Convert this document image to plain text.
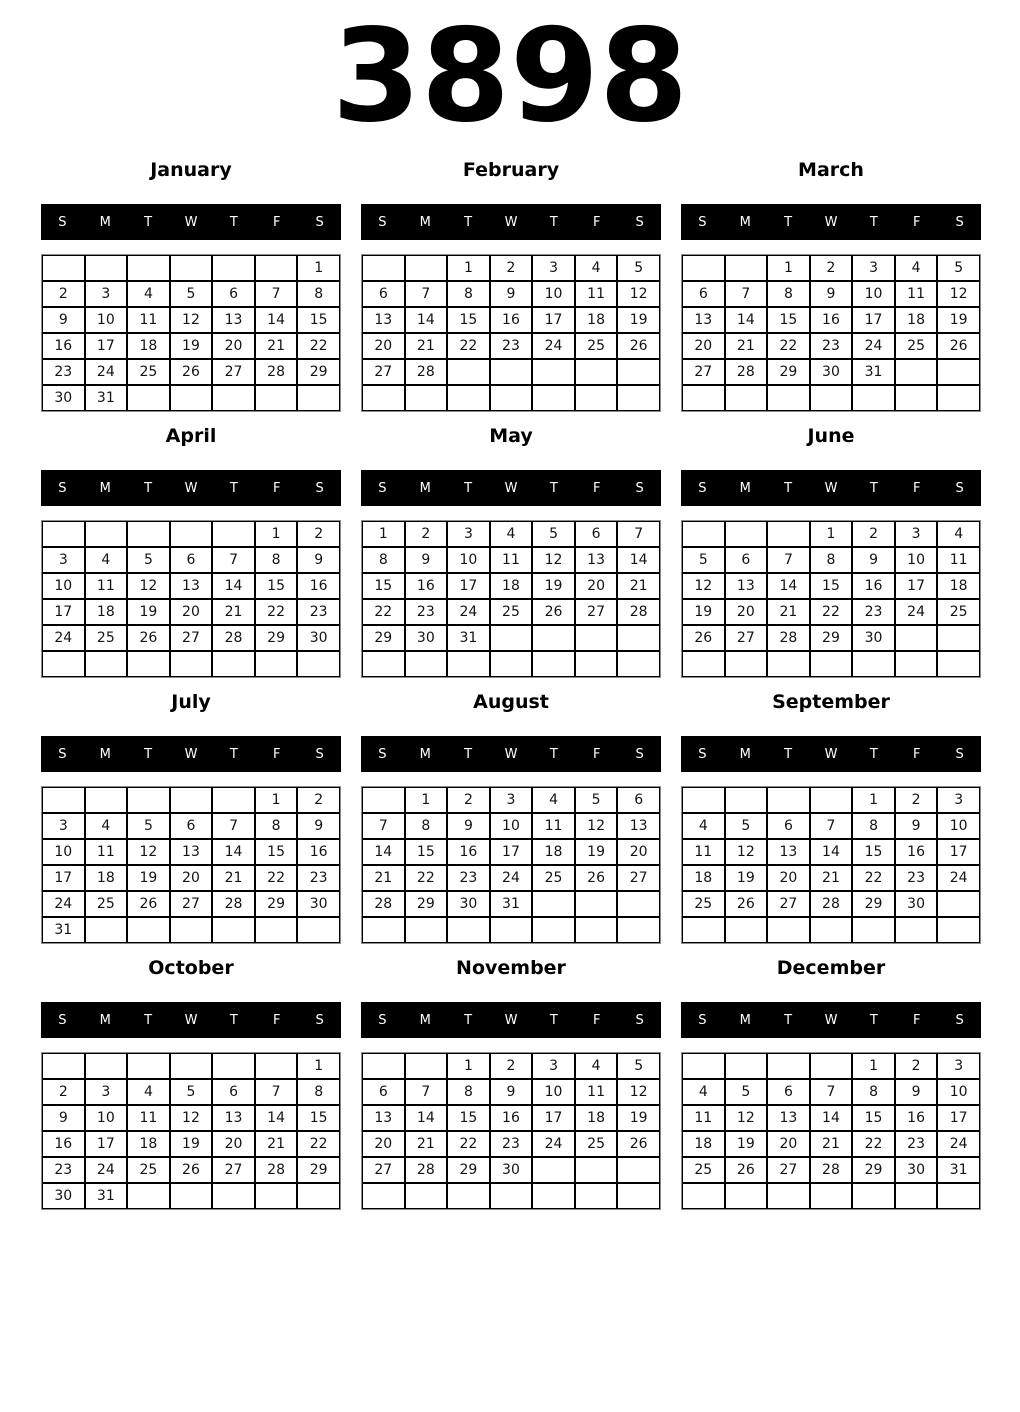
3898
January
S	M	T	W	T	F	S
						1
2	3	4	5	6	7	8
9	10	11	12	13	14	15
16	17	18	19	20	21	22
23	24	25	26	27	28	29
30	31					
February
S	M	T	W	T	F	S
		1	2	3	4	5
6	7	8	9	10	11	12
13	14	15	16	17	18	19
20	21	22	23	24	25	26
27	28					

March
S	M	T	W	T	F	S
		1	2	3	4	5
6	7	8	9	10	11	12
13	14	15	16	17	18	19
20	21	22	23	24	25	26
27	28	29	30	31		

April
S	M	T	W	T	F	S
					1	2
3	4	5	6	7	8	9
10	11	12	13	14	15	16
17	18	19	20	21	22	23
24	25	26	27	28	29	30

May
S	M	T	W	T	F	S
1	2	3	4	5	6	7
8	9	10	11	12	13	14
15	16	17	18	19	20	21
22	23	24	25	26	27	28
29	30	31				

June
S	M	T	W	T	F	S
			1	2	3	4
5	6	7	8	9	10	11
12	13	14	15	16	17	18
19	20	21	22	23	24	25
26	27	28	29	30		

July
S	M	T	W	T	F	S
					1	2
3	4	5	6	7	8	9
10	11	12	13	14	15	16
17	18	19	20	21	22	23
24	25	26	27	28	29	30
31						
August
S	M	T	W	T	F	S
	1	2	3	4	5	6
7	8	9	10	11	12	13
14	15	16	17	18	19	20
21	22	23	24	25	26	27
28	29	30	31			

September
S	M	T	W	T	F	S
				1	2	3
4	5	6	7	8	9	10
11	12	13	14	15	16	17
18	19	20	21	22	23	24
25	26	27	28	29	30	

October
S	M	T	W	T	F	S
						1
2	3	4	5	6	7	8
9	10	11	12	13	14	15
16	17	18	19	20	21	22
23	24	25	26	27	28	29
30	31					
November
S	M	T	W	T	F	S
		1	2	3	4	5
6	7	8	9	10	11	12
13	14	15	16	17	18	19
20	21	22	23	24	25	26
27	28	29	30			

December
S	M	T	W	T	F	S
				1	2	3
4	5	6	7	8	9	10
11	12	13	14	15	16	17
18	19	20	21	22	23	24
25	26	27	28	29	30	31
